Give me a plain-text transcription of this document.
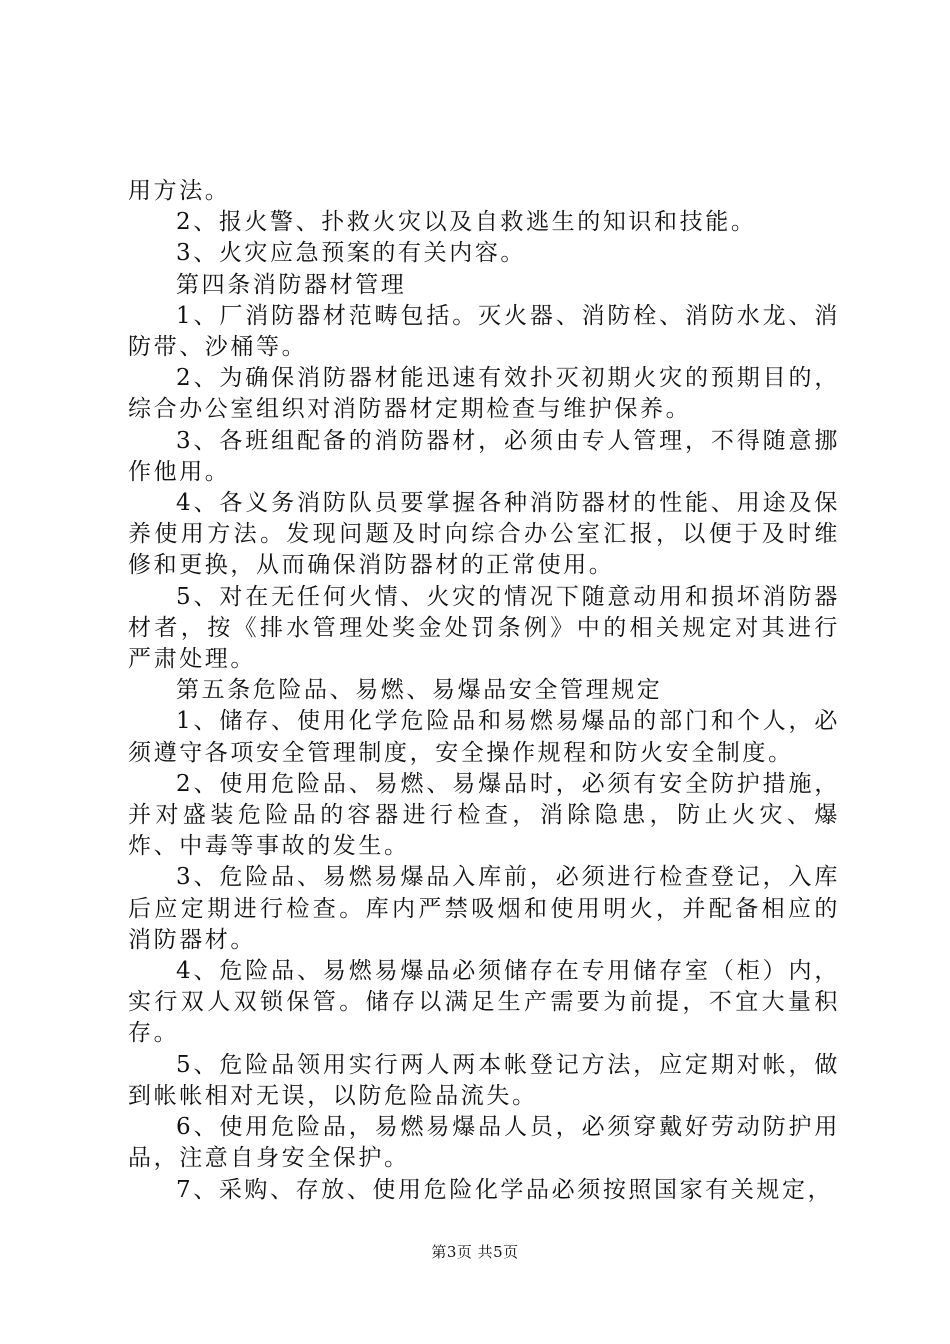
用方法。

2、报火警、扑救火灾以及自救逃生的知识和技能。

3、火灾应急预案的有关内容。

第四条消防器材管理

1、厂消防器材范畴包括。灭火器、消防栓、消防水龙、消防带、沙桶等。

2、为确保消防器材能迅速有效扑灭初期火灾的预期目的，综合办公室组织对消防器材定期检查与维护保养。

3、各班组配备的消防器材，必须由专人管理，不得随意挪作他用。

4、各义务消防队员要掌握各种消防器材的性能、用途及保养使用方法。发现问题及时向综合办公室汇报，以便于及时维修和更换，从而确保消防器材的正常使用。

5、对在无任何火情、火灾的情况下随意动用和损坏消防器材者，按《排水管理处奖金处罚条例》中的相关规定对其进行严肃处理。

第五条危险品、易燃、易爆品安全管理规定

1、储存、使用化学危险品和易燃易爆品的部门和个人，必须遵守各项安全管理制度，安全操作规程和防火安全制度。

2、使用危险品、易燃、易爆品时，必须有安全防护措施，并对盛装危险品的容器进行检查，消除隐患，防止火灾、爆炸、中毒等事故的发生。

3、危险品、易燃易爆品入库前，必须进行检查登记，入库后应定期进行检查。库内严禁吸烟和使用明火，并配备相应的消防器材。

4、危险品、易燃易爆品必须储存在专用储存室（柜）内，实行双人双锁保管。储存以满足生产需要为前提，不宜大量积存。

5、危险品领用实行两人两本帐登记方法，应定期对帐，做到帐帐相对无误，以防危险品流失。

6、使用危险品，易燃易爆品人员，必须穿戴好劳动防护用品，注意自身安全保护。

7、采购、存放、使用危险化学品必须按照国家有关规定，

第3页 共5页
